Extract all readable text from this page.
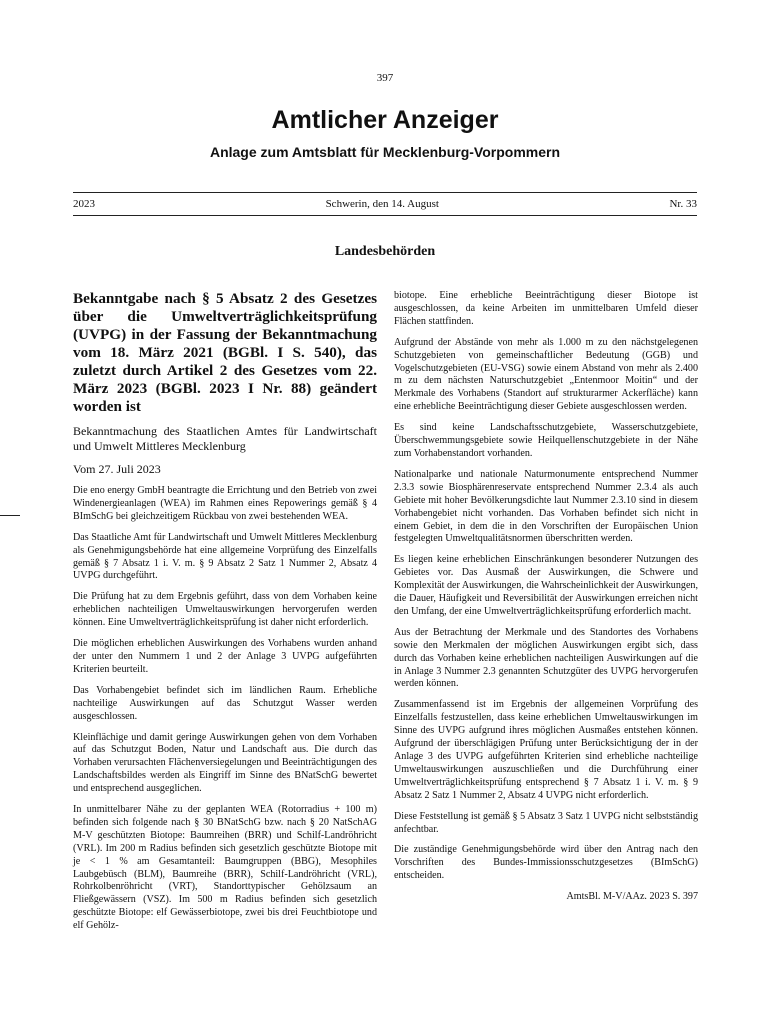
397
Amtlicher Anzeiger
Anlage zum Amtsblatt für Mecklenburg-Vorpommern
2023	Schwerin, den 14. August	Nr. 33
Landesbehörden

Bekanntgabe nach § 5 Absatz 2 des Gesetzes über die Umweltverträglichkeitsprüfung (UVPG) in der Fassung der Bekanntmachung vom 18. März 2021 (BGBl. I S. 540), das zuletzt durch Artikel 2 des Gesetzes vom 22. März 2023 (BGBl. 2023 I Nr. 88) geändert worden ist

Bekanntmachung des Staatlichen Amtes für Landwirtschaft und Umwelt Mittleres Mecklenburg

Vom 27. Juli 2023

Die eno energy GmbH beantragte die Errichtung und den Betrieb von zwei Windenergieanlagen (WEA) im Rahmen eines Repowerings gemäß § 4 BImSchG bei gleichzeitigem Rückbau von zwei bestehenden WEA.

Das Staatliche Amt für Landwirtschaft und Umwelt Mittleres Mecklenburg als Genehmigungsbehörde hat eine allgemeine Vorprüfung des Einzelfalls gemäß § 7 Absatz 1 i. V. m. § 9 Absatz 2 Satz 1 Nummer 2, Absatz 4 UVPG durchgeführt.

Die Prüfung hat zu dem Ergebnis geführt, dass von dem Vorhaben keine erheblichen nachteiligen Umweltauswirkungen hervorgerufen werden können. Eine Umweltverträglichkeitsprüfung ist daher nicht erforderlich.

Die möglichen erheblichen Auswirkungen des Vorhabens wurden anhand der unter den Nummern 1 und 2 der Anlage 3 UVPG aufgeführten Kriterien beurteilt.

Das Vorhabengebiet befindet sich im ländlichen Raum. Erhebliche nachteilige Auswirkungen auf das Schutzgut Wasser werden ausgeschlossen.

Kleinflächige und damit geringe Auswirkungen gehen von dem Vorhaben auf das Schutzgut Boden, Natur und Landschaft aus. Die durch das Vorhaben verursachten Flächenversiegelungen und Beeinträchtigungen des Landschaftsbildes werden als Eingriff im Sinne des BNatSchG bewertet und entsprechend ausgeglichen.

In unmittelbarer Nähe zu der geplanten WEA (Rotorradius + 100 m) befinden sich folgende nach § 30 BNatSchG bzw. nach § 20 NatSchAG M-V geschützten Biotope: Baumreihen (BRR) und Schilf-Landröhricht (VRL). Im 200 m Radius befinden sich gesetzlich geschützte Biotope mit je < 1 % am Gesamtanteil: Baumgruppen (BBG), Mesophiles Laubgebüsch (BLM), Baumreihe (BRR), Schilf-Landröhricht (VRL), Rohrkolbenröhricht (VRT), Standorttypischer Gehölzsaum an Fließgewässern (VSZ). Im 500 m Radius befinden sich gesetzlich geschützte Biotope: elf Gewässerbiotope, zwei bis drei Feuchtbiotope und elf Gehölz-

biotope. Eine erhebliche Beeinträchtigung dieser Biotope ist ausgeschlossen, da keine Arbeiten im unmittelbaren Umfeld dieser Flächen stattfinden.

Aufgrund der Abstände von mehr als 1.000 m zu den nächstgelegenen Schutzgebieten von gemeinschaftlicher Bedeutung (GGB) und Vogelschutzgebieten (EU-VSG) sowie einem Abstand von mehr als 2.400 m zu dem nächsten Naturschutzgebiet „Entenmoor Moitin“ und der Merkmale des Vorhabens (Standort auf strukturarmer Ackerfläche) kann eine erhebliche Beeinträchtigung dieser Gebiete ausgeschlossen werden.

Es sind keine Landschaftsschutzgebiete, Wasserschutzgebiete, Überschwemmungsgebiete sowie Heilquellenschutzgebiete in der Nähe zum Vorhabenstandort vorhanden.

Nationalparke und nationale Naturmonumente entsprechend Nummer 2.3.3 sowie Biosphärenreservate entsprechend Nummer 2.3.4 als auch Gebiete mit hoher Bevölkerungsdichte laut Nummer 2.3.10 sind in diesem Vorhabengebiet nicht vorhanden. Das Vorhaben befindet sich nicht in einem Gebiet, in dem die in den Vorschriften der Europäischen Union festgelegten Umweltqualitätsnormen überschritten werden.

Es liegen keine erheblichen Einschränkungen besonderer Nutzungen des Gebietes vor. Das Ausmaß der Auswirkungen, die Schwere und Komplexität der Auswirkungen, die Wahrscheinlichkeit der Auswirkungen, die Dauer, Häufigkeit und Reversibilität der Auswirkungen erreichen nicht den Umfang, der eine Umweltverträglichkeitsprüfung erforderlich macht.

Aus der Betrachtung der Merkmale und des Standortes des Vorhabens sowie den Merkmalen der möglichen Auswirkungen ergibt sich, dass durch das Vorhaben keine erheblichen nachteiligen Auswirkungen auf die in Anlage 3 Nummer 2.3 genannten Schutzgüter des UVPG hervorgerufen werden können.

Zusammenfassend ist im Ergebnis der allgemeinen Vorprüfung des Einzelfalls festzustellen, dass keine erheblichen Umweltauswirkungen im Sinne des UVPG aufgrund ihres möglichen Ausmaßes entstehen können. Aufgrund der überschlägigen Prüfung unter Berücksichtigung der in der Anlage 3 des UVPG aufgeführten Kriterien sind erhebliche nachteilige Umweltauswirkungen auszuschließen und die Durchführung einer Umweltverträglichkeitsprüfung entsprechend § 7 Absatz 1 i. V. m. § 9 Absatz 2 Satz 1 Nummer 2, Absatz 4 UVPG nicht erforderlich.

Diese Feststellung ist gemäß § 5 Absatz 3 Satz 1 UVPG nicht selbstständig anfechtbar.

Die zuständige Genehmigungsbehörde wird über den Antrag nach den Vorschriften des Bundes-Immissionsschutzgesetzes (BImSchG) entscheiden.

AmtsBl. M-V/AAz. 2023 S. 397
